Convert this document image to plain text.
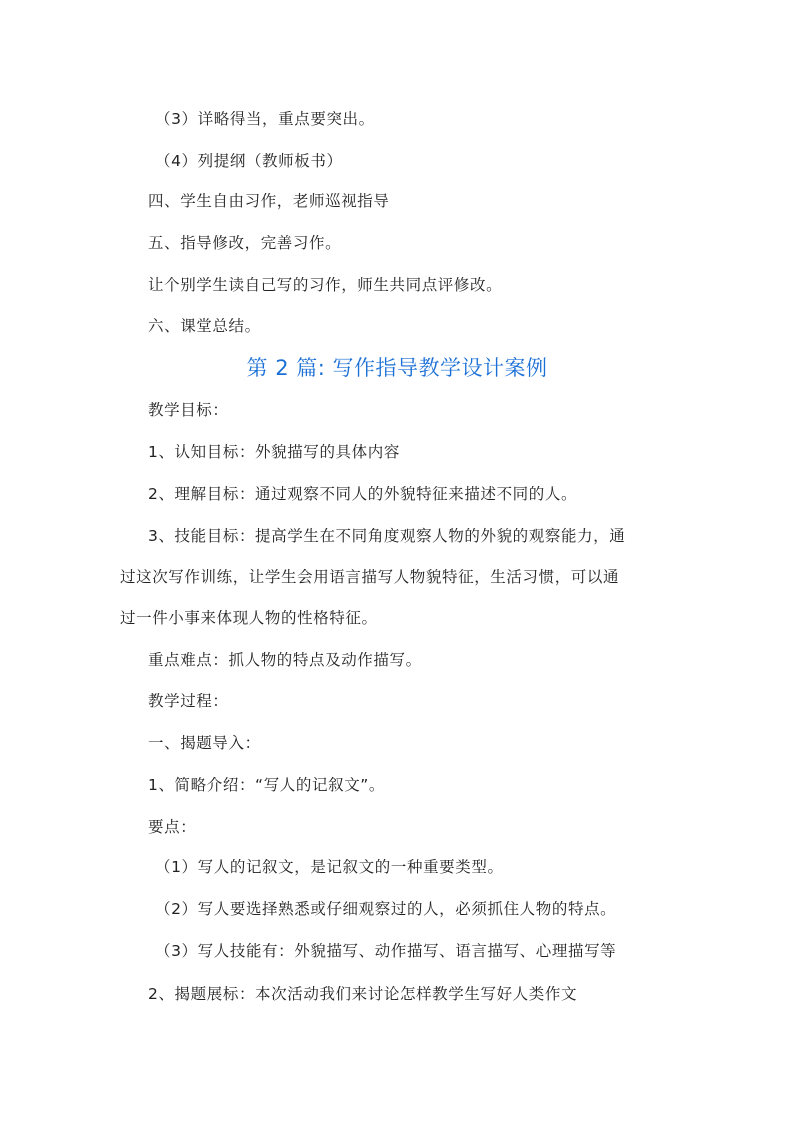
（3）详略得当，重点要突出。
（4）列提纲（教师板书）
四、学生自由习作，老师巡视指导
五、指导修改，完善习作。
让个别学生读自己写的习作，师生共同点评修改。
六、课堂总结。
第 2 篇: 写作指导教学设计案例
教学目标：
1、认知目标：外貌描写的具体内容
2、理解目标：通过观察不同人的外貌特征来描述不同的人。
3、技能目标：提高学生在不同角度观察人物的外貌的观察能力，通
过这次写作训练，让学生会用语言描写人物貌特征，生活习惯，可以通
过一件小事来体现人物的性格特征。
重点难点：抓人物的特点及动作描写。
教学过程：
一、揭题导入：
1、简略介绍：“写人的记叙文”。
要点：
（1）写人的记叙文，是记叙文的一种重要类型。
（2）写人要选择熟悉或仔细观察过的人，必须抓住人物的特点。
（3）写人技能有：外貌描写、动作描写、语言描写、心理描写等
2、揭题展标：本次活动我们来讨论怎样教学生写好人类作文
